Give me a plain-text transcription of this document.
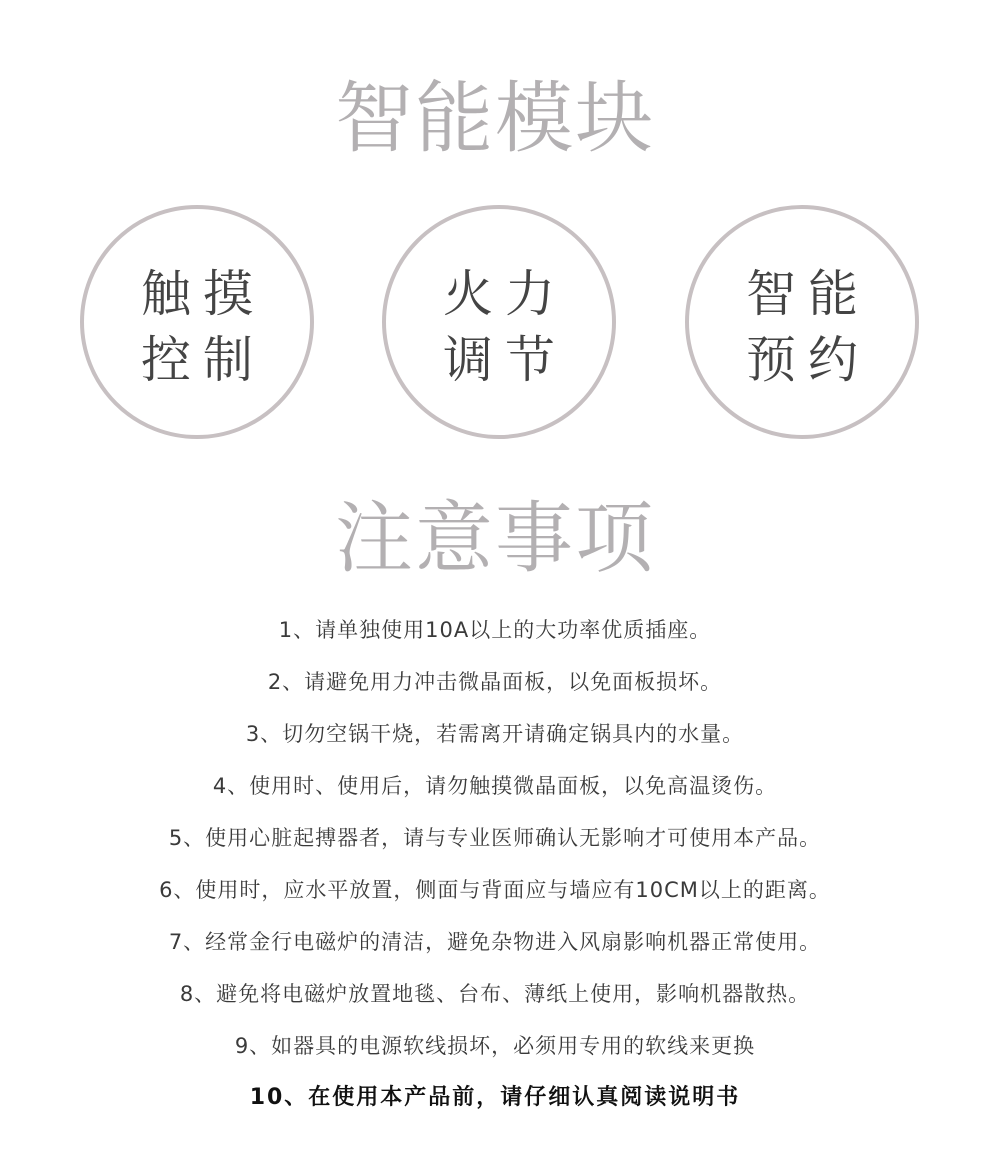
智能模块
触摸
控制
火力
调节
智能
预约
注意事项
1、请单独使用10A以上的大功率优质插座。
2、请避免用力冲击微晶面板，以免面板损坏。
3、切勿空锅干烧，若需离开请确定锅具内的水量。
4、使用时、使用后，请勿触摸微晶面板，以免高温烫伤。
5、使用心脏起搏器者，请与专业医师确认无影响才可使用本产品。
6、使用时，应水平放置，侧面与背面应与墙应有10CM以上的距离。
7、经常金行电磁炉的清洁，避免杂物进入风扇影响机器正常使用。
8、避免将电磁炉放置地毯、台布、薄纸上使用，影响机器散热。
9、如器具的电源软线损坏，必须用专用的软线来更换
10、在使用本产品前，请仔细认真阅读说明书
